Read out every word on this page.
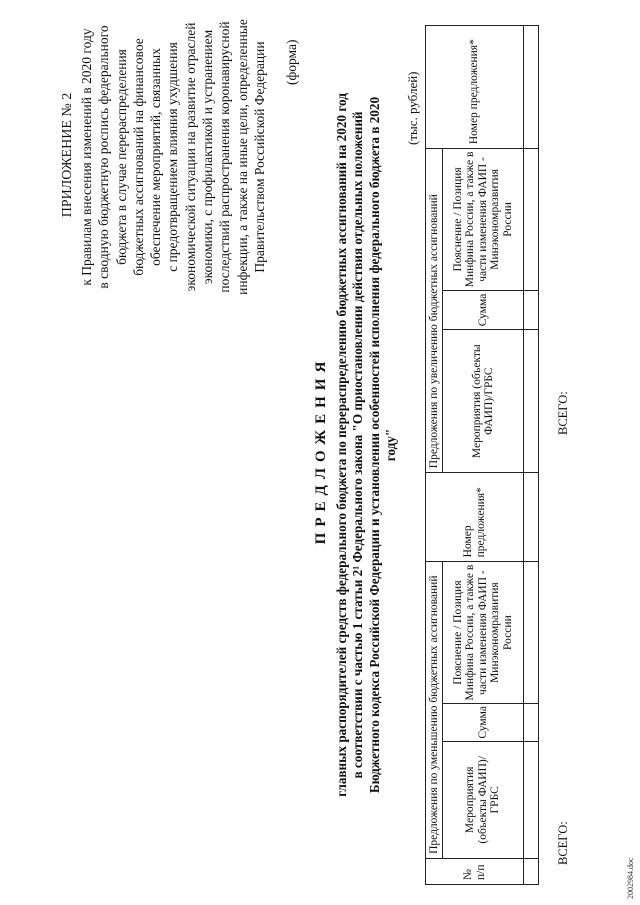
ПРИЛОЖЕНИЕ № 2 к Правилам внесения изменений в 2020 году в сводную бюджетную роспись федерального бюджета в случае перераспределения бюджетных ассигнований на финансовое обеспечение мероприятий, связанных с предотвращением влияния ухудшения экономической ситуации на развитие отраслей экономики, с профилактикой и устранением последствий распространения коронавирусной инфекции, а также на иные цели, определенные Правительством Российской Федерации (форма)
ПРЕДЛОЖЕНИЯ главных распорядителей средств федерального бюджета по перераспределению бюджетных ассигнований на 2020 год в соответствии с частью 1 статьи 2¹ Федерального закона "О приостановлении действия отдельных положений Бюджетного кодекса Российской Федерации и установлении особенностей исполнения федерального бюджета в 2020 году"
(тыс. рублей)
№ п/п	Предложения по уменьшению бюджетных ассигнований			Номер предложения*	Предложения по увеличению бюджетных ассигнований			Номер предложения*
	Мероприятия (объекты ФАИП)/ГРБС	Сумма	Пояснение / Позиция Минфина России, а также в части изменения ФАИП - Минэкономразвития России		Мероприятия (объекты ФАИП)/ГРБС	Сумма	Пояснение / Позиция Минфина России, а также в части изменения ФАИП - Минэкономразвития России	

ВСЕГО:
ВСЕГО:
2002984.doc
